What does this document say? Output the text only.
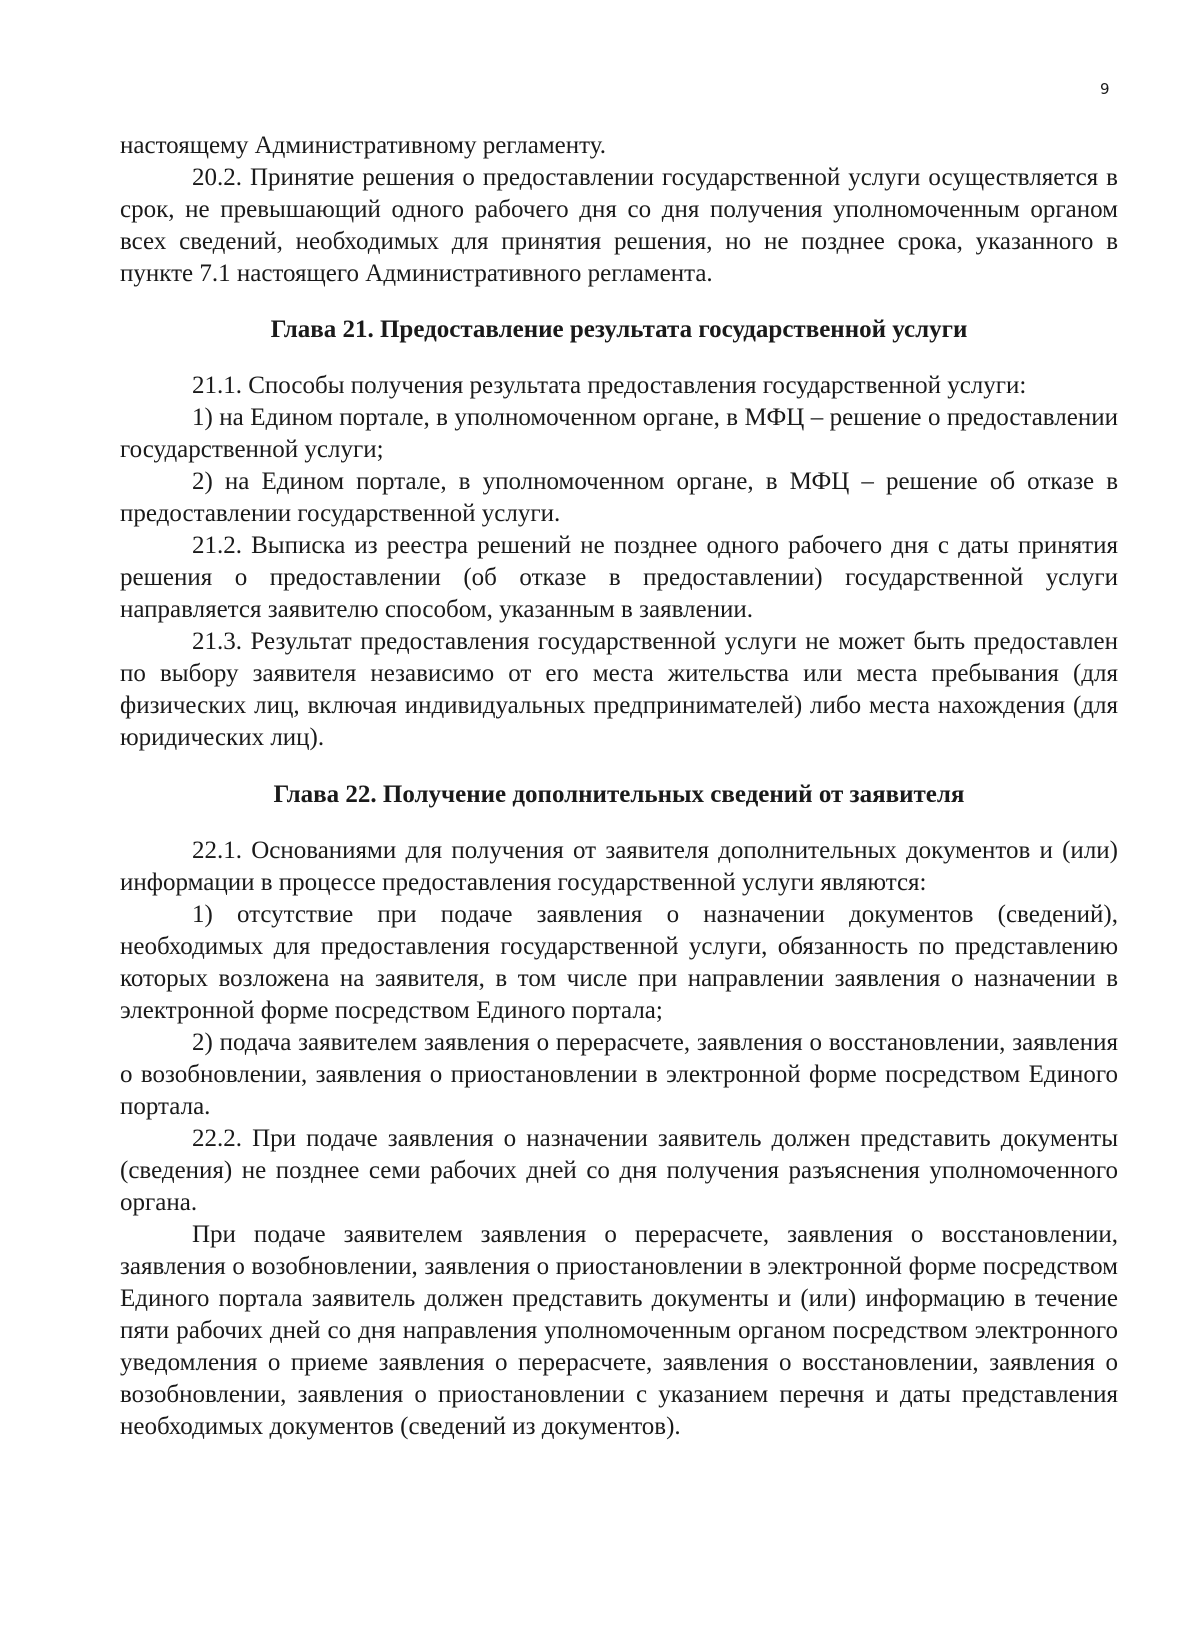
9

настоящему Административному регламенту.

20.2. Принятие решения о предоставлении государственной услуги осуществляется в срок, не превышающий одного рабочего дня со дня получения уполномоченным органом всех сведений, необходимых для принятия решения, но не позднее срока, указанного в пункте 7.1 настоящего Административного регламента.

Глава 21. Предоставление результата государственной услуги

21.1. Способы получения результата предоставления государственной услуги:

1) на Едином портале, в уполномоченном органе, в МФЦ – решение о предоставлении государственной услуги;

2) на Едином портале, в уполномоченном органе, в МФЦ – решение об отказе в предоставлении государственной услуги.

21.2. Выписка из реестра решений не позднее одного рабочего дня с даты принятия решения о предоставлении (об отказе в предоставлении) государственной услуги направляется заявителю способом, указанным в заявлении.

21.3. Результат предоставления государственной услуги не может быть предоставлен по выбору заявителя независимо от его места жительства или места пребывания (для физических лиц, включая индивидуальных предпринимателей) либо места нахождения (для юридических лиц).

Глава 22. Получение дополнительных сведений от заявителя

22.1. Основаниями для получения от заявителя дополнительных документов и (или) информации в процессе предоставления государственной услуги являются:

1) отсутствие при подаче заявления о назначении документов (сведений), необходимых для предоставления государственной услуги, обязанность по представлению которых возложена на заявителя, в том числе при направлении заявления о назначении в электронной форме посредством Единого портала;

2) подача заявителем заявления о перерасчете, заявления о восстановлении, заявления о возобновлении, заявления о приостановлении в электронной форме посредством Единого портала.

22.2. При подаче заявления о назначении заявитель должен представить документы (сведения) не позднее семи рабочих дней со дня получения разъяснения уполномоченного органа.

При подаче заявителем заявления о перерасчете, заявления о восстановлении, заявления о возобновлении, заявления о приостановлении в электронной форме посредством Единого портала заявитель должен представить документы и (или) информацию в течение пяти рабочих дней со дня направления уполномоченным органом посредством электронного уведомления о приеме заявления о перерасчете, заявления о восстановлении, заявления о возобновлении, заявления о приостановлении с указанием перечня и даты представления необходимых документов (сведений из документов).
